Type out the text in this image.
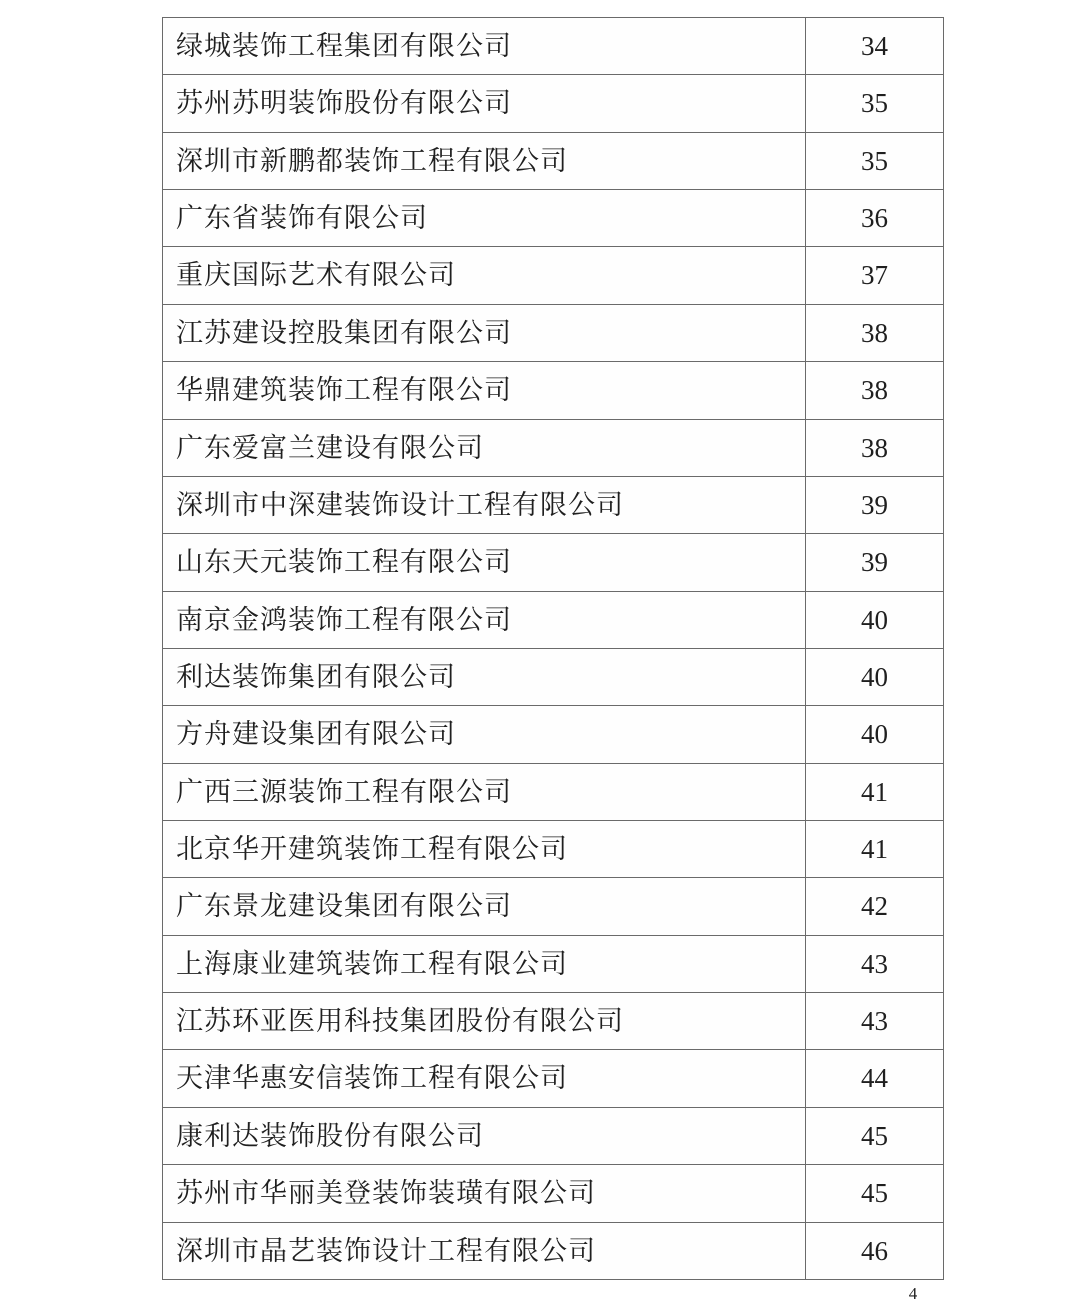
绿城装饰工程集团有限公司	34
苏州苏明装饰股份有限公司	35
深圳市新鹏都装饰工程有限公司	35
广东省装饰有限公司	36
重庆国际艺术有限公司	37
江苏建设控股集团有限公司	38
华鼎建筑装饰工程有限公司	38
广东爱富兰建设有限公司	38
深圳市中深建装饰设计工程有限公司	39
山东天元装饰工程有限公司	39
南京金鸿装饰工程有限公司	40
利达装饰集团有限公司	40
方舟建设集团有限公司	40
广西三源装饰工程有限公司	41
北京华开建筑装饰工程有限公司	41
广东景龙建设集团有限公司	42
上海康业建筑装饰工程有限公司	43
江苏环亚医用科技集团股份有限公司	43
天津华惠安信装饰工程有限公司	44
康利达装饰股份有限公司	45
苏州市华丽美登装饰装璜有限公司	45
深圳市晶艺装饰设计工程有限公司	46
4
